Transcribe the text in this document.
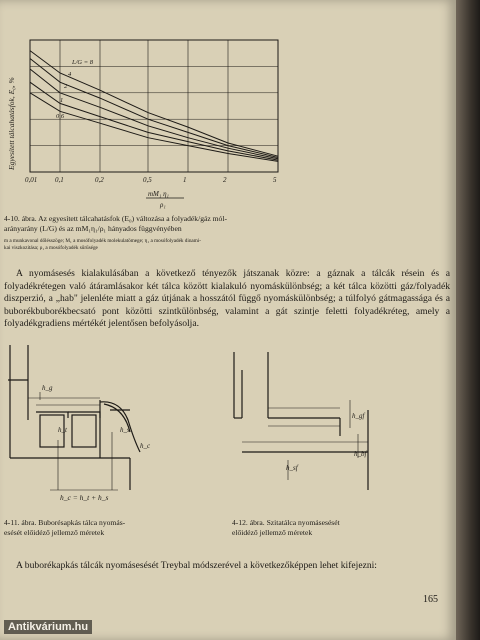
L/G = 8
4
2
1
0,6
0,01	0,1	0,2	0,5	1	2	5
Egyesített tálcahatásfok, E₀, %
mM₁ η₁
ρ₁
4-10. ábra. Az egyesített tálcahatásfok (E₀) változása a folyadék/gáz mól-
arányarány (L/G) és az mM₁η₁/ρ₁ hányados függvényében
m a munkavonal dőlésszöge; M₁ a mosófolyadék molekulatömege; η₁ a mosófolyadék dinami-
kai viszkozitása; ρ₁ a mosófolyadék sűrűsége
A nyomásesés kialakulásában a következő tényezők játszanak közre: a gáznak a tálcák résein és a folyadékrétegen való átáramlásakor két tálca között kialakuló nyomáskülönbség; a két tálca közötti gáz/folyadék diszperzió, a „hab" jelenléte miatt a gáz útjának a hosszától függő nyomáskülönbség; a túlfolyó gátmagassága és a buborékbuborékbecsató pont közötti szintkülönbség, valamint a gát szintje feletti folyadékréteg, amely a folyadékgradiens mértékét jelentősen befolyásolja.
h_g
h_t	h_s
h_c
h_c = h_t + h_s
h_gf
h_bf
h_sf
4-11. ábra. Buborésapkás tálca nyomás-
esését előidéző jellemző méretek
4-12. ábra. Szitatálca nyomásesését
előidéző jellemző méretek
A buborékapkás tálcák nyomásesését Treybal módszerével a következőképpen lehet kifejezni:
165
Antikvárium.hu
